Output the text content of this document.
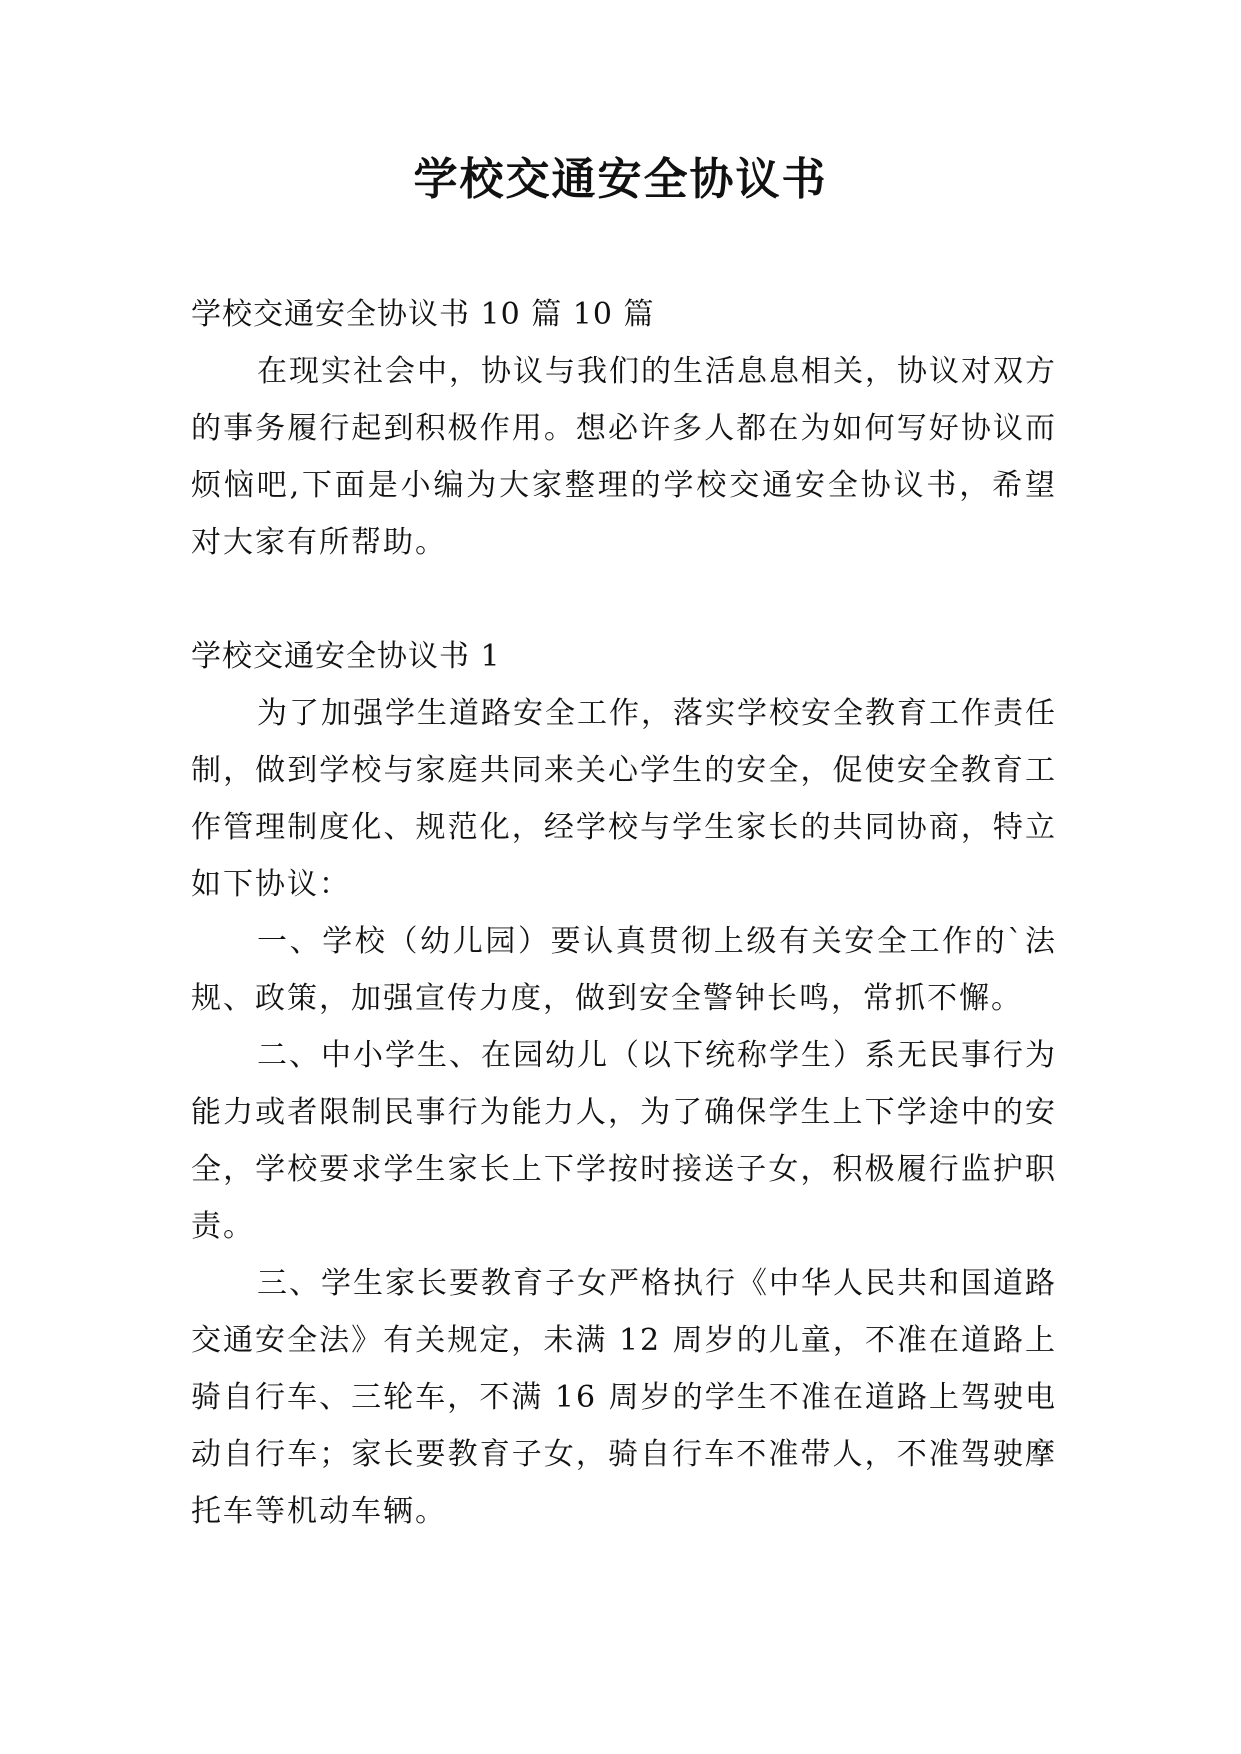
学校交通安全协议书

学校交通安全协议书 10 篇 10 篇

在现实社会中，协议与我们的生活息息相关，协议对双方的事务履行起到积极作用。想必许多人都在为如何写好协议而烦恼吧,下面是小编为大家整理的学校交通安全协议书，希望对大家有所帮助。

学校交通安全协议书 1

为了加强学生道路安全工作，落实学校安全教育工作责任制，做到学校与家庭共同来关心学生的安全，促使安全教育工作管理制度化、规范化，经学校与学生家长的共同协商，特立如下协议：

一、学校（幼儿园）要认真贯彻上级有关安全工作的`法规、政策，加强宣传力度，做到安全警钟长鸣，常抓不懈。

二、中小学生、在园幼儿（以下统称学生）系无民事行为能力或者限制民事行为能力人，为了确保学生上下学途中的安全，学校要求学生家长上下学按时接送子女，积极履行监护职责。

三、学生家长要教育子女严格执行《中华人民共和国道路交通安全法》有关规定，未满 12 周岁的儿童，不准在道路上骑自行车、三轮车，不满 16 周岁的学生不准在道路上驾驶电动自行车；家长要教育子女，骑自行车不准带人，不准驾驶摩托车等机动车辆。
